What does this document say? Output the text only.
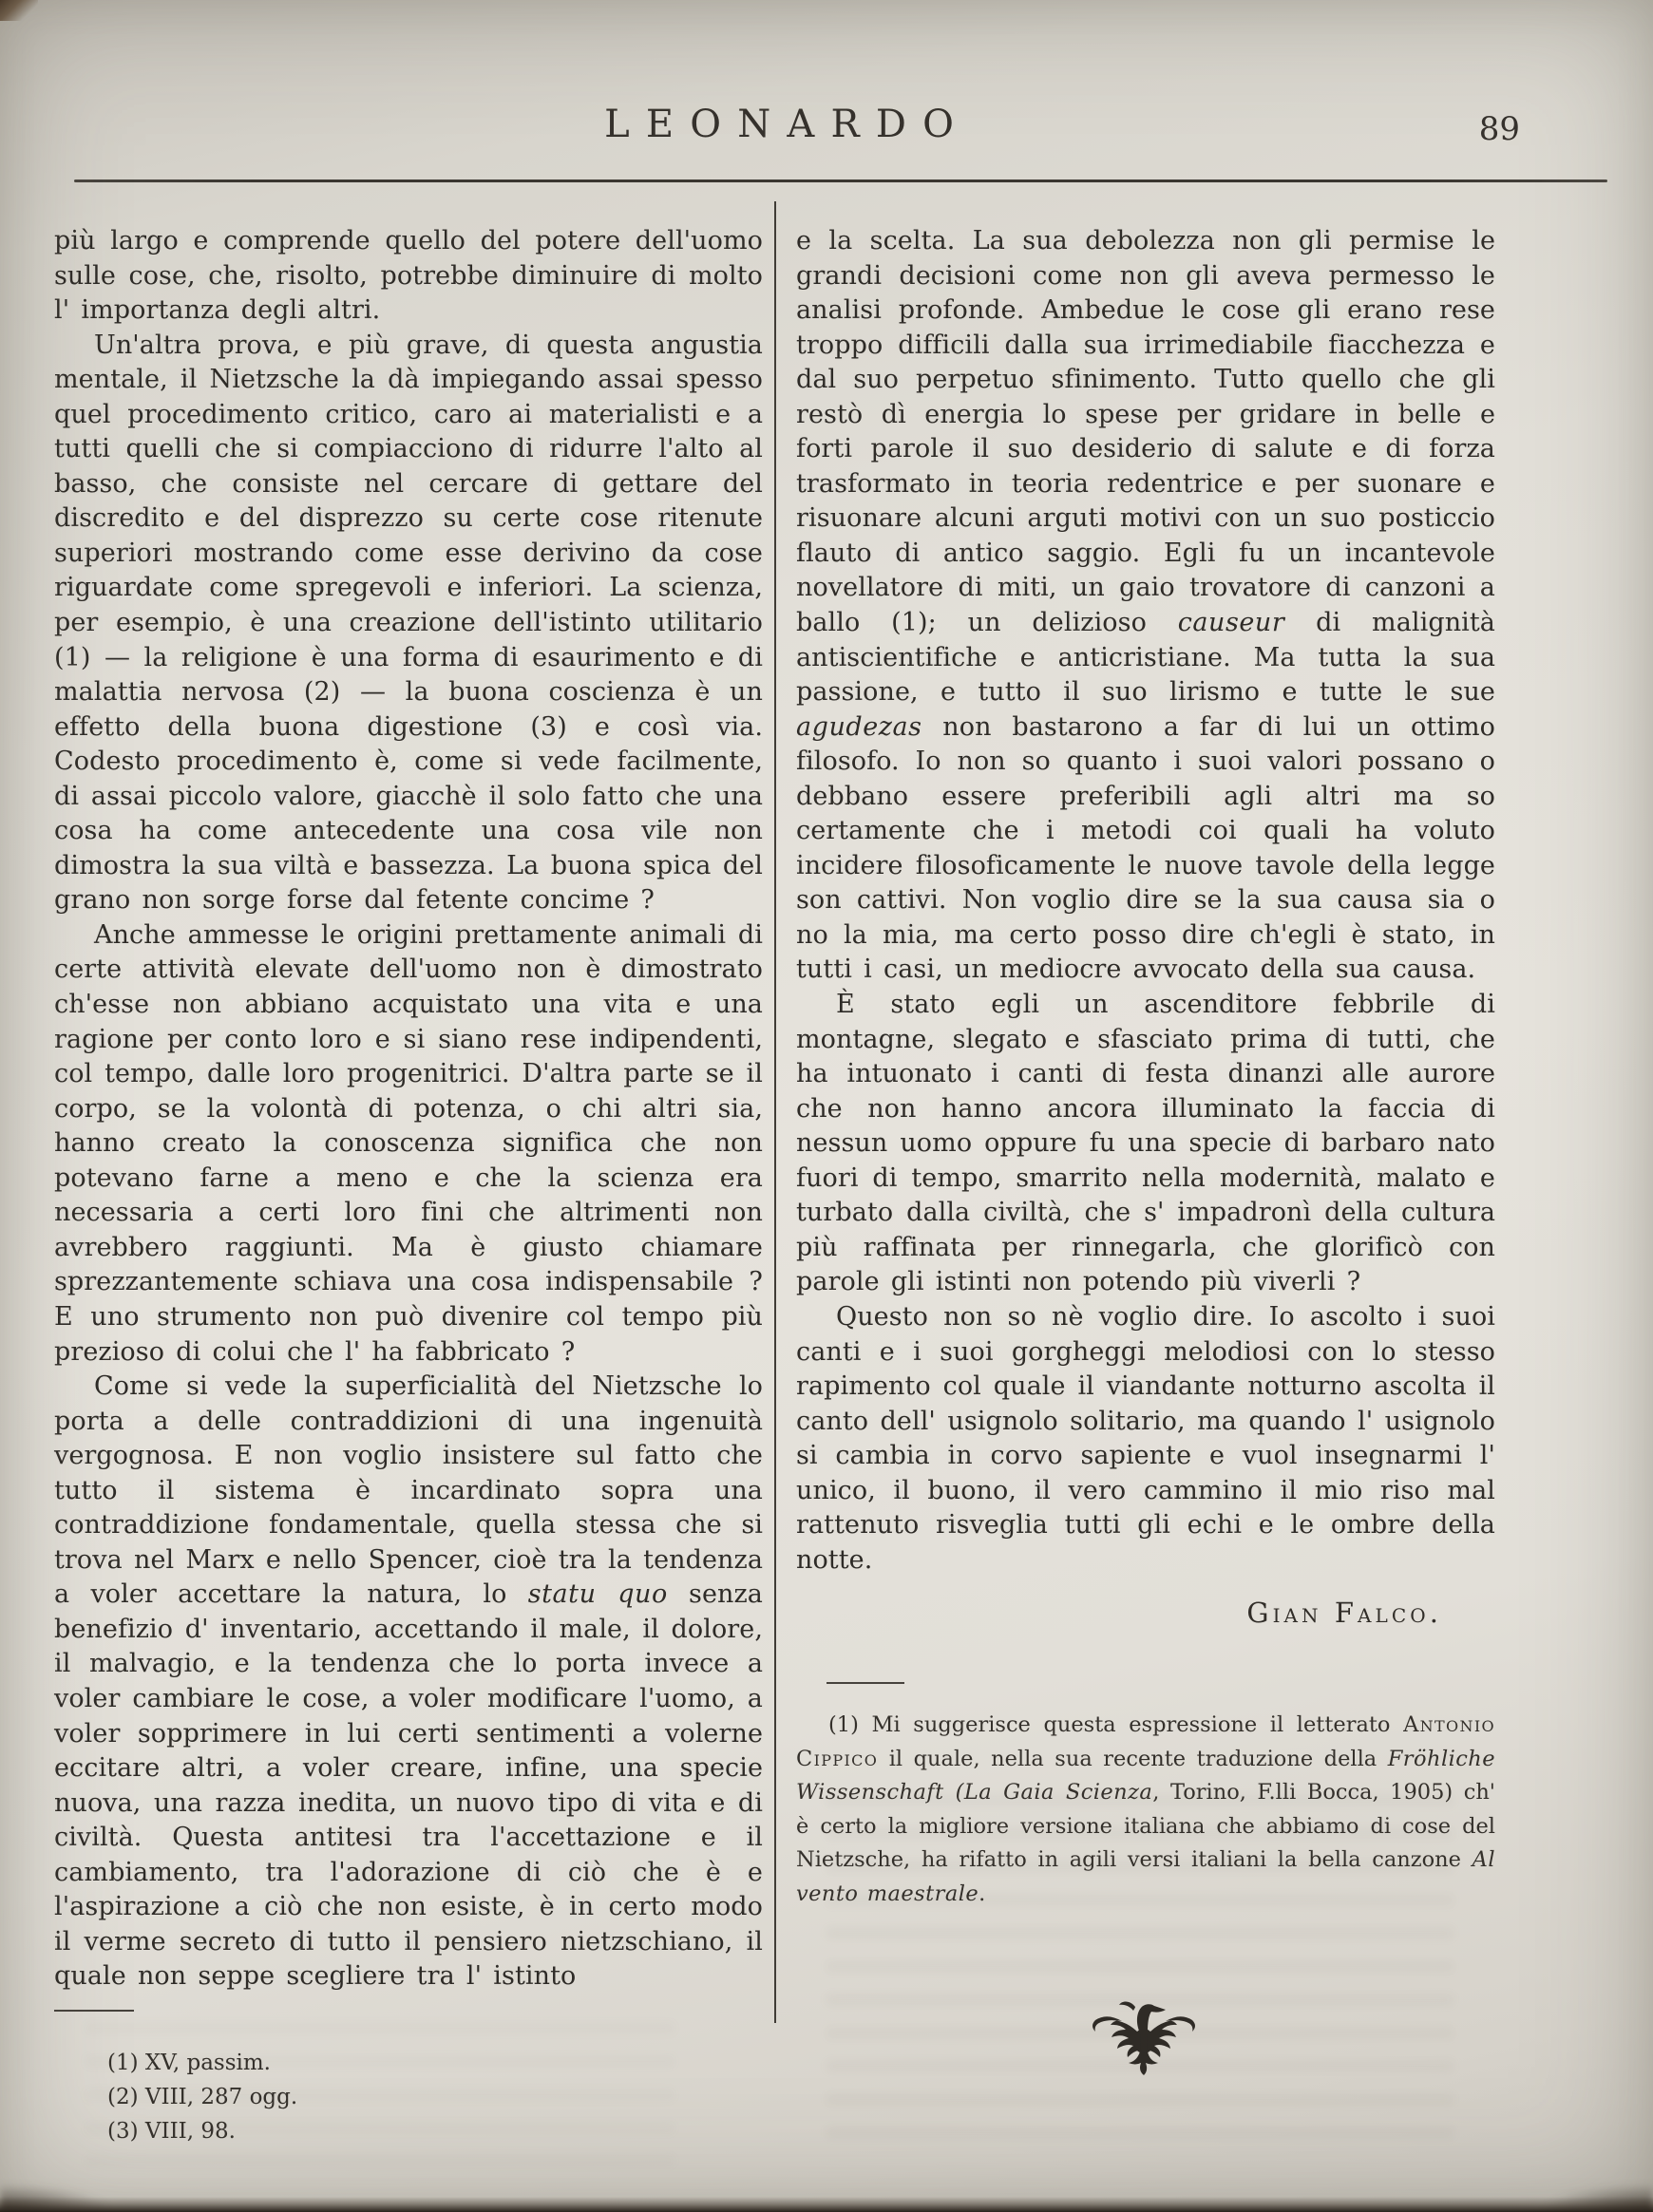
LEONARDO	89

più largo e comprende quello del potere dell'uomo sulle cose, che, risolto, potrebbe diminuire di molto l' importanza degli altri.

Un'altra prova, e più grave, di questa angustia mentale, il Nietzsche la dà impiegando assai spesso quel procedimento critico, caro ai materialisti e a tutti quelli che si compiacciono di ridurre l'alto al basso, che consiste nel cercare di gettare del discredito e del disprezzo su certe cose ritenute superiori mostrando come esse derivino da cose riguardate come spregevoli e inferiori. La scienza, per esempio, è una creazione dell'istinto utilitario (1) — la religione è una forma di esaurimento e di malattia nervosa (2) — la buona coscienza è un effetto della buona digestione (3) e così via. Codesto procedimento è, come si vede facilmente, di assai piccolo valore, giacchè il solo fatto che una cosa ha come antecedente una cosa vile non dimostra la sua viltà e bassezza. La buona spica del grano non sorge forse dal fetente concime ?

Anche ammesse le origini prettamente animali di certe attività elevate dell'uomo non è dimostrato ch'esse non abbiano acquistato una vita e una ragione per conto loro e si siano rese indipendenti, col tempo, dalle loro progenitrici. D'altra parte se il corpo, se la volontà di potenza, o chi altri sia, hanno creato la conoscenza significa che non potevano farne a meno e che la scienza era necessaria a certi loro fini che altrimenti non avrebbero raggiunti. Ma è giusto chiamare sprezzantemente schiava una cosa indispensabile ? E uno strumento non può divenire col tempo più prezioso di colui che l' ha fabbricato ?

Come si vede la superficialità del Nietzsche lo porta a delle contraddizioni di una ingenuità vergognosa. E non voglio insistere sul fatto che tutto il sistema è incardinato sopra una contraddizione fondamentale, quella stessa che si trova nel Marx e nello Spencer, cioè tra la tendenza a voler accettare la natura, lo statu quo senza benefizio d' inventario, accettando il male, il dolore, il malvagio, e la tendenza che lo porta invece a voler cambiare le cose, a voler modificare l'uomo, a voler sopprimere in lui certi sentimenti a volerne eccitare altri, a voler creare, infine, una specie nuova, una razza inedita, un nuovo tipo di vita e di civiltà. Questa antitesi tra l'accettazione e il cambiamento, tra l'adorazione di ciò che è e l'aspirazione a ciò che non esiste, è in certo modo il verme secreto di tutto il pensiero nietzschiano, il quale non seppe scegliere tra l' istinto

(1) XV, passim.
(2) VIII, 287 ogg.
(3) VIII, 98.

e la scelta. La sua debolezza non gli permise le grandi decisioni come non gli aveva permesso le analisi profonde. Ambedue le cose gli erano rese troppo difficili dalla sua irrimediabile fiacchezza e dal suo perpetuo sfinimento. Tutto quello che gli restò dì energia lo spese per gridare in belle e forti parole il suo desiderio di salute e di forza trasformato in teoria redentrice e per suonare e risuonare alcuni arguti motivi con un suo posticcio flauto di antico saggio. Egli fu un incantevole novellatore di miti, un gaio trovatore di canzoni a ballo (1); un delizioso causeur di malignità antiscientifiche e anticristiane. Ma tutta la sua passione, e tutto il suo lirismo e tutte le sue agudezas non bastarono a far di lui un ottimo filosofo. Io non so quanto i suoi valori possano o debbano essere preferibili agli altri ma so certamente che i metodi coi quali ha voluto incidere filosoficamente le nuove tavole della legge son cattivi. Non voglio dire se la sua causa sia o no la mia, ma certo posso dire ch'egli è stato, in tutti i casi, un mediocre avvocato della sua causa.

È stato egli un ascenditore febbrile di montagne, slegato e sfasciato prima di tutti, che ha intuonato i canti di festa dinanzi alle aurore che non hanno ancora illuminato la faccia di nessun uomo oppure fu una specie di barbaro nato fuori di tempo, smarrito nella modernità, malato e turbato dalla civiltà, che s' impadronì della cultura più raffinata per rinnegarla, che glorificò con parole gli istinti non potendo più viverli ?

Questo non so nè voglio dire. Io ascolto i suoi canti e i suoi gorgheggi melodiosi con lo stesso rapimento col quale il viandante notturno ascolta il canto dell' usignolo solitario, ma quando l' usignolo si cambia in corvo sapiente e vuol insegnarmi l' unico, il buono, il vero cammino il mio riso mal rattenuto risveglia tutti gli echi e le ombre della notte.

Gian Falco.

(1) Mi suggerisce questa espressione il letterato Antonio Cippico il quale, nella sua recente traduzione della Fröhliche Wissenschaft (La Gaia Scienza, Torino, F.lli Bocca, 1905) ch' è certo la migliore versione italiana che abbiamo di cose del Nietzsche, ha rifatto in agili versi italiani la bella canzone Al vento maestrale.
